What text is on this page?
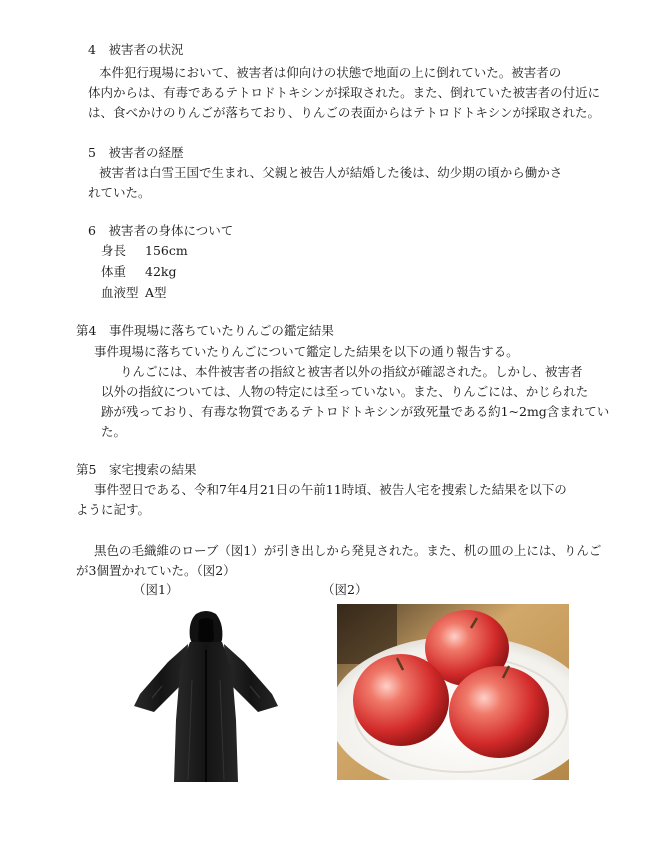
4　被害者の状況
本件犯行現場において、被害者は仰向けの状態で地面の上に倒れていた。被害者の
体内からは、有毒であるテトロドトキシンが採取された。また、倒れていた被害者の付近に
は、食べかけのりんごが落ちており、りんごの表面からはテトロドトキシンが採取された。
5　被害者の経歴
被害者は白雪王国で生まれ、父親と被告人が結婚した後は、幼少期の頃から働かさ
れていた。
6　被害者の身体について
身長	156cm
体重	42kg
血液型 A型
第4　事件現場に落ちていたりんごの鑑定結果
事件現場に落ちていたりんごについて鑑定した結果を以下の通り報告する。
りんごには、本件被害者の指紋と被害者以外の指紋が確認された。しかし、被害者
以外の指紋については、人物の特定には至っていない。また、りんごには、かじられた
跡が残っており、有毒な物質であるテトロドトキシンが致死量である約1~2mg含まれてい
た。
第5　家宅捜索の結果
事件翌日である、令和7年4月21日の午前11時頃、被告人宅を捜索した結果を以下の
ように記す。
黒色の毛織維のローブ（図1）が引き出しから発見された。また、机の皿の上には、りんご
が3個置かれていた。（図2）
（図1）	（図2）
